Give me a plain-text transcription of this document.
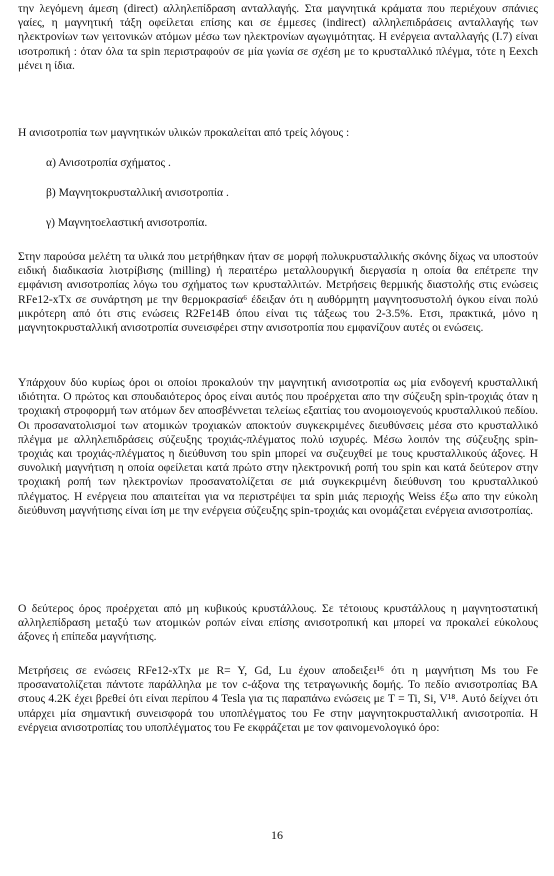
την λεγόμενη άμεση (direct) αλληλεπίδραση ανταλλαγής. Στα μαγνητικά κράματα που περιέχουν σπάνιες γαίες, η μαγνητική τάξη οφείλεται επίσης και σε έμμεσες (indirect) αλληλεπιδράσεις ανταλλαγής των ηλεκτρονίων των γειτονικών ατόμων μέσω των ηλεκτρονίων αγωγιμότητας. Η ενέργεια ανταλλαγής (I.7) είναι ισοτροπική : όταν όλα τα spin περιστραφούν σε μία γωνία σε σχέση με το κρυσταλλικό πλέγμα, τότε η Eexch μένει η ίδια.

Η ανισοτροπία των μαγνητικών υλικών προκαλείται από τρείς λόγους :

α) Ανισοτροπία σχήματος .

β) Μαγνητοκρυσταλλική ανισοτροπία .

γ) Μαγνητοελαστική ανισοτροπία.

Στην παρούσα μελέτη τα υλικά που μετρήθηκαν ήταν σε μορφή πολυκρυσταλλικής σκόνης δίχως να υποστούν ειδική διαδικασία λιοτρίβισης (milling) ή περαιτέρω μεταλλουργική διεργασία η οποία θα επέτρεπε την εμφάνιση ανισοτροπίας λόγω του σχήματος των κρυσταλλιτών. Μετρήσεις θερμικής διαστολής στις ενώσεις RFe12-xTx σε συνάρτηση με την θερμοκρασία⁶ έδειξαν ότι η αυθόρμητη μαγνητοσυστολή όγκου είναι πολύ μικρότερη από ότι στις ενώσεις R2Fe14B όπου είναι τις τάξεως του 2-3.5%. Ετσι, πρακτικά, μόνο η μαγνητοκρυσταλλική ανισοτροπία συνεισφέρει στην ανισοτροπία που εμφανίζουν αυτές οι ενώσεις.

Υπάρχουν δύο κυρίως όροι οι οποίοι προκαλούν την μαγνητική ανισοτροπία ως μία ενδογενή κρυσταλλική ιδιότητα. Ο πρώτος και σπουδαιότερος όρος είναι αυτός που προέρχεται απο την σύζευξη spin-τροχιάς όταν η τροχιακή στροφορμή των ατόμων δεν αποσβέννεται τελείως εξαιτίας του ανομοιογενούς κρυσταλλικού πεδίου. Οι προσανατολισμοί των ατομικών τροχιακών αποκτούν συγκεκριμένες διευθύνσεις μέσα στο κρυσταλλικό πλέγμα με αλληλεπιδράσεις σύζευξης τροχιάς-πλέγματος πολύ ισχυρές. Μέσω λοιπόν της σύζευξης spin-τροχιάς και τροχιάς-πλέγματος η διεύθυνση του spin μπορεί να συζευχθεί με τους κρυσταλλικούς άξονες. Η συνολική μαγνήτιση η οποία οφείλεται κατά πρώτο στην ηλεκτρονική ροπή του spin και κατά δεύτερον στην τροχιακή ροπή των ηλεκτρονίων προσανατολίζεται σε μιά συγκεκριμένη διεύθυνση του κρυσταλλικού πλέγματος. Η ενέργεια που απαιτείται για να περιστρέψει τα spin μιάς περιοχής Weiss έξω απο την εύκολη διεύθυνση μαγνήτισης είναι ίση με την ενέργεια σύζευξης spin-τροχιάς και ονομάζεται ενέργεια ανισοτροπίας.

Ο δεύτερος όρος προέρχεται από μη κυβικούς κρυστάλλους. Σε τέτοιους κρυστάλλους η μαγνητοστατική αλληλεπίδραση μεταξύ των ατομικών ροπών είναι επίσης ανισοτροπική και μπορεί να προκαλεί εύκολους άξονες ή επίπεδα μαγνήτισης.

Μετρήσεις σε ενώσεις RFe12-xTx με R= Y, Gd, Lu έχουν αποδειξει¹⁶ ότι η μαγνήτιση Ms του Fe προσανατολίζεται πάντοτε παράλληλα με τον c-άξονα της τετραγωνικής δομής. Το πεδίο ανισοτροπίας BA στους 4.2K έχει βρεθεί ότι είναι περίπου 4 Tesla για τις παραπάνω ενώσεις με T = Ti, Si, V¹⁸. Αυτό δείχνει ότι υπάρχει μία σημαντική συνεισφορά του υποπλέγματος του Fe στην μαγνητοκρυσταλλική ανισοτροπία. Η ενέργεια ανισοτροπίας του υποπλέγματος του Fe εκφράζεται με τον φαινομενολογικό όρο:

16
